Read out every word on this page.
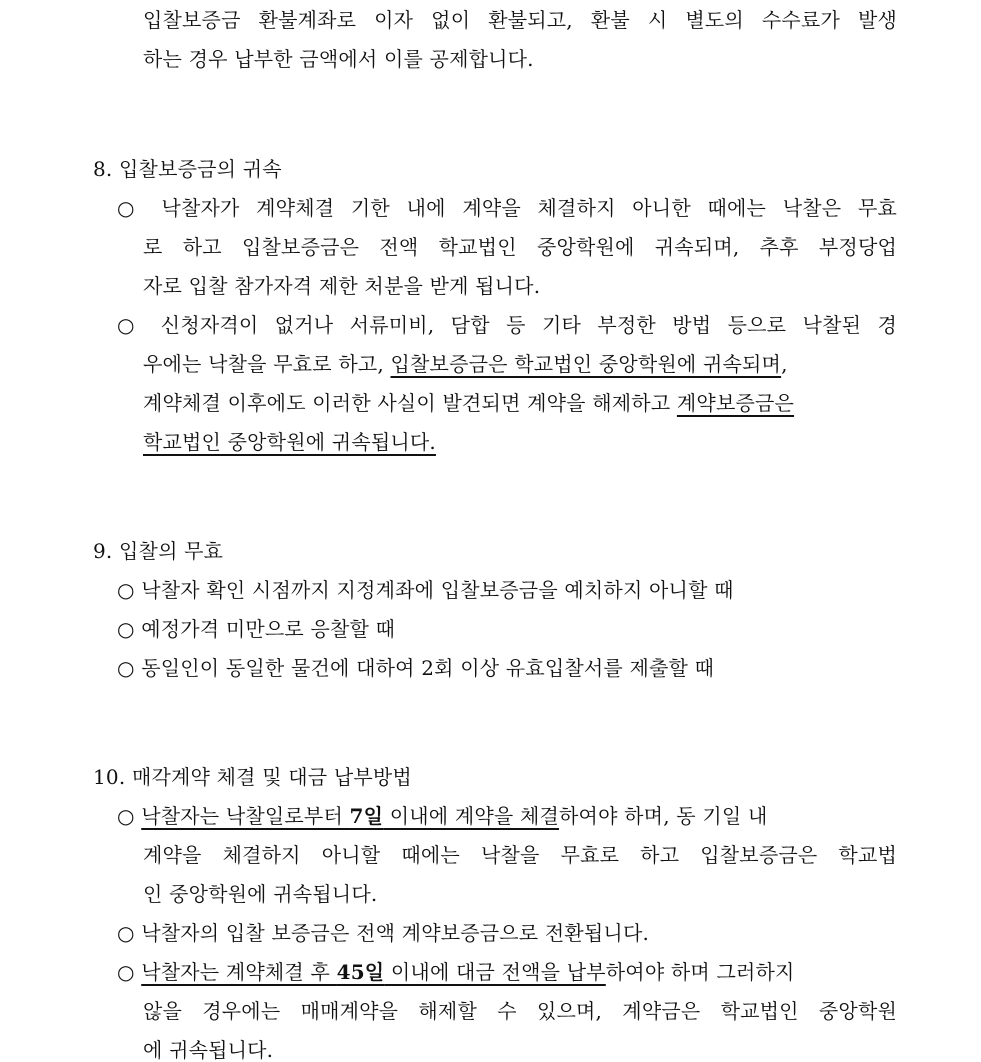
입찰보증금 환불계좌로 이자 없이 환불되고, 환불 시 별도의 수수료가 발생
하는 경우 납부한 금액에서 이를 공제합니다.
8. 입찰보증금의 귀속
○ 낙찰자가 계약체결 기한 내에 계약을 체결하지 아니한 때에는 낙찰은 무효
로 하고 입찰보증금은 전액 학교법인 중앙학원에 귀속되며, 추후 부정당업
자로 입찰 참가자격 제한 처분을 받게 됩니다.
○ 신청자격이 없거나 서류미비, 담합 등 기타 부정한 방법 등으로 낙찰된 경
우에는 낙찰을 무효로 하고, 입찰보증금은 학교법인 중앙학원에 귀속되며,
계약체결 이후에도 이러한 사실이 발견되면 계약을 해제하고 계약보증금은
학교법인 중앙학원에 귀속됩니다.
9. 입찰의 무효
○ 낙찰자 확인 시점까지 지정계좌에 입찰보증금을 예치하지 아니할 때
○ 예정가격 미만으로 응찰할 때
○ 동일인이 동일한 물건에 대하여 2회 이상 유효입찰서를 제출할 때
10. 매각계약 체결 및 대금 납부방법
○ 낙찰자는 낙찰일로부터 7일 이내에 계약을 체결하여야 하며, 동 기일 내
계약을 체결하지 아니할 때에는 낙찰을 무효로 하고 입찰보증금은 학교법
인 중앙학원에 귀속됩니다.
○ 낙찰자의 입찰 보증금은 전액 계약보증금으로 전환됩니다.
○ 낙찰자는 계약체결 후 45일 이내에 대금 전액을 납부하여야 하며 그러하지
않을 경우에는 매매계약을 해제할 수 있으며, 계약금은 학교법인 중앙학원
에 귀속됩니다.
